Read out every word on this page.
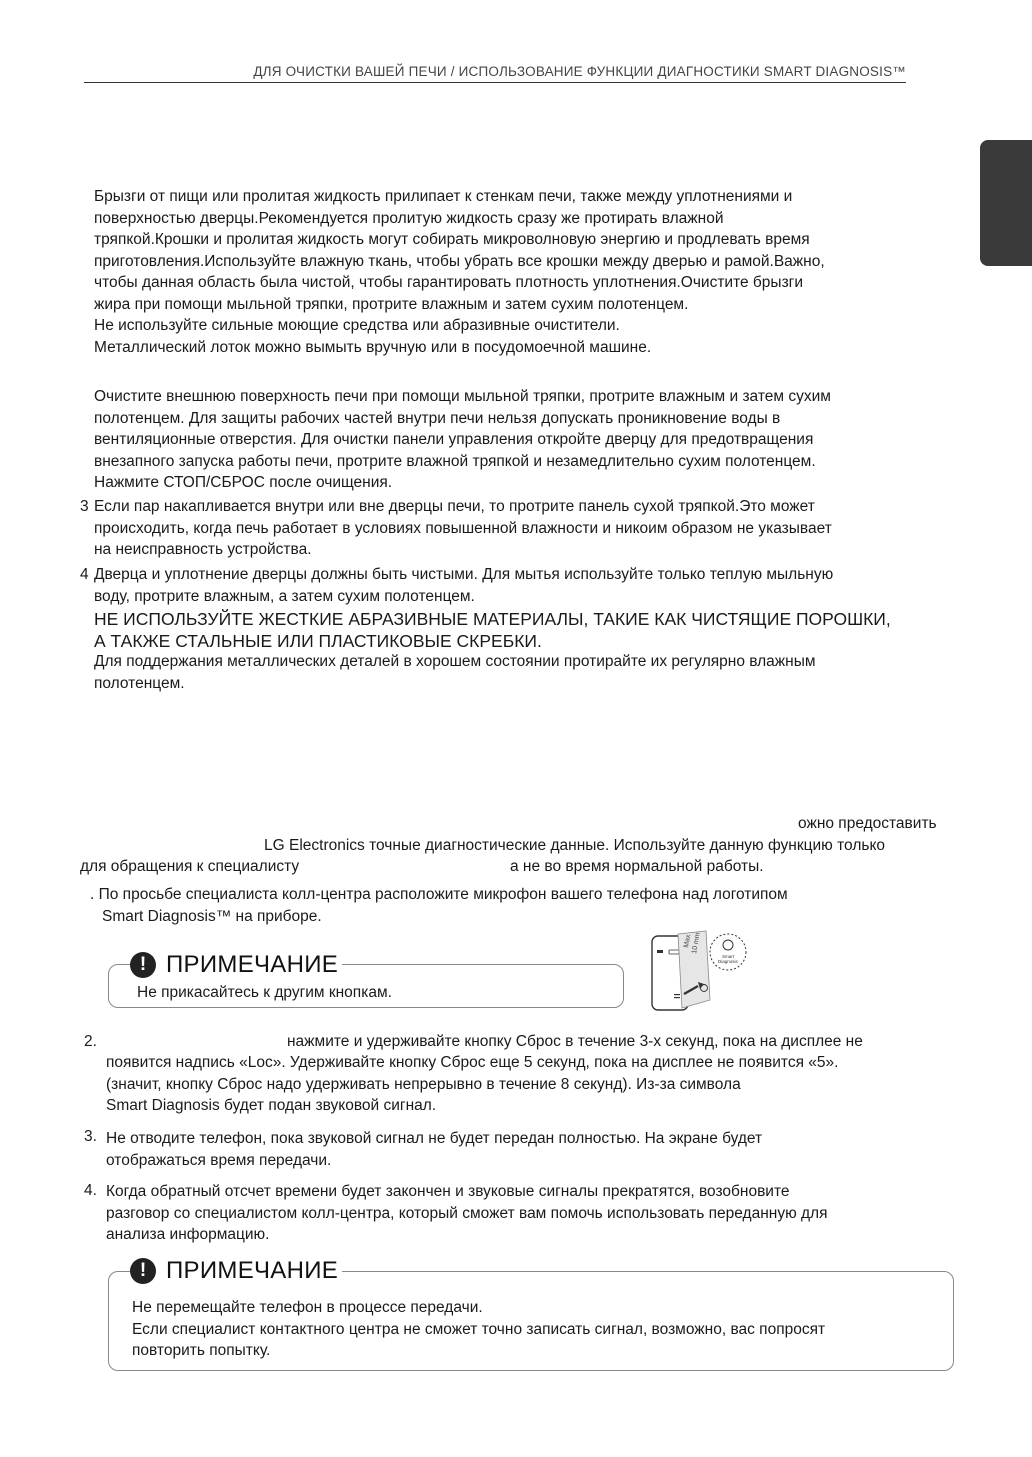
ДЛЯ ОЧИСТКИ ВАШЕЙ ПЕЧИ / ИСПОЛЬЗОВАНИЕ ФУНКЦИИ ДИАГНОСТИКИ SMART DIAGNOSIS™
Брызги от пищи или пролитая жидкость прилипает к стенкам печи, также между уплотнениями и
поверхностью дверцы.Рекомендуется пролитую жидкость сразу же протирать влажной
тряпкой.Крошки и пролитая жидкость могут собирать микроволновую энергию и продлевать время
приготовления.Используйте влажную ткань, чтобы убрать все крошки между дверью и рамой.Важно,
чтобы данная область была чистой, чтобы гарантировать плотность уплотнения.Очистите брызги
жира при помощи мыльной тряпки, протрите влажным и затем сухим полотенцем.
Не используйте сильные моющие средства или абразивные очистители.
Металлический лоток можно вымыть вручную или в посудомоечной машине.
Очистите внешнюю поверхность печи при помощи мыльной тряпки, протрите влажным и затем сухим
полотенцем. Для защиты рабочих частей внутри печи нельзя допускать проникновение воды в
вентиляционные отверстия. Для очистки панели управления откройте дверцу для предотвращения
внезапного запуска работы печи, протрите влажной тряпкой и незамедлительно сухим полотенцем.
Нажмите СТОП/СБРОС после очищения.
3 Если пар накапливается внутри или вне дверцы печи, то протрите панель сухой тряпкой.Это может
происходить, когда печь работает в условиях повышенной влажности и никоим образом не указывает
на неисправность устройства.
4 Дверца и уплотнение дверцы должны быть чистыми. Для мытья используйте только теплую мыльную
воду, протрите влажным, а затем сухим полотенцем.
НЕ ИСПОЛЬЗУЙТЕ ЖЕСТКИЕ АБРАЗИВНЫЕ МАТЕРИАЛЫ, ТАКИЕ КАК ЧИСТЯЩИЕ ПОРОШКИ,
А ТАКЖЕ СТАЛЬНЫЕ ИЛИ ПЛАСТИКОВЫЕ СКРЕБКИ.
Для поддержания металлических деталей в хорошем состоянии протирайте их регулярно влажным
полотенцем.
ожно предоставить
LG Electronics точные диагностические данные. Используйте данную функцию только
для обращения к специалисту	а не во время нормальной работы.
. По просьбе специалиста колл-центра расположите микрофон вашего телефона над логотипом
Smart Diagnosis™ на приборе.
! ПРИМЕЧАНИЕ
Не прикасайтесь к другим кнопкам.
Max
10 mm
Smart
Diagnosis
2.	нажмите и удерживайте кнопку Сброс в течение 3-х секунд, пока на дисплее не
появится надпись «Loc». Удерживайте кнопку Сброс еще 5 секунд, пока на дисплее не появится «5».
(значит, кнопку Сброс надо удерживать непрерывно в течение 8 секунд). Из-за символа
Smart Diagnosis будет подан звуковой сигнал.
3. Не отводите телефон, пока звуковой сигнал не будет передан полностью. На экране будет
отображаться время передачи.
4. Когда обратный отсчет времени будет закончен и звуковые сигналы прекратятся, возобновите
разговор со специалистом колл-центра, который сможет вам помочь использовать переданную для
анализа информацию.
! ПРИМЕЧАНИЕ
Не перемещайте телефон в процессе передачи.
Если специалист контактного центра не сможет точно записать сигнал, возможно, вас попросят
повторить попытку.
